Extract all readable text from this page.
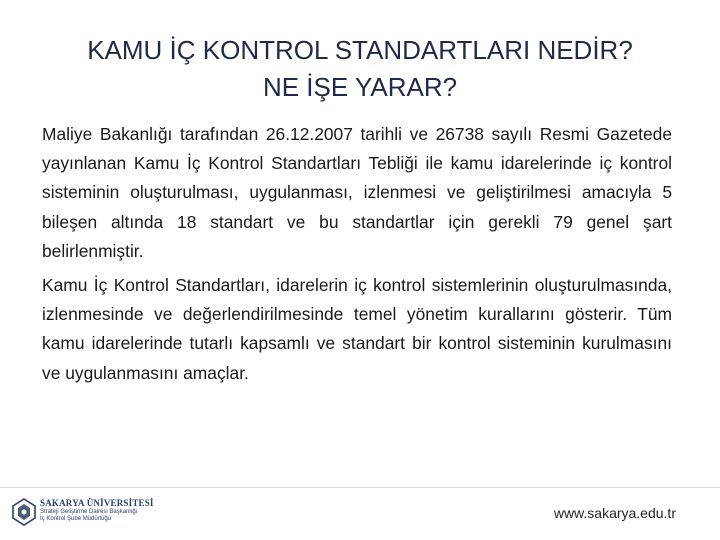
KAMU İÇ KONTROL STANDARTLARI NEDİR?
NE İŞE YARAR?

Maliye Bakanlığı tarafından 26.12.2007 tarihli ve 26738 sayılı Resmi Gazetede yayınlanan Kamu İç Kontrol Standartları Tebliği ile kamu idarelerinde iç kontrol sisteminin oluşturulması, uygulanması, izlenmesi ve geliştirilmesi amacıyla 5 bileşen altında 18 standart ve bu standartlar için gerekli 79 genel şart belirlenmiştir.

Kamu İç Kontrol Standartları, idarelerin iç kontrol sistemlerinin oluşturulmasında, izlenmesinde ve değerlendirilmesinde temel yönetim kurallarını gösterir. Tüm kamu idarelerinde tutarlı kapsamlı ve standart bir kontrol sisteminin kurulmasını ve uygulanmasını amaçlar.

SAKARYA ÜNİVERSİTESİ
Strateji Geliştirme Dairesi Başkanlığı
İç Kontrol Şube Müdürlüğü	www.sakarya.edu.tr
